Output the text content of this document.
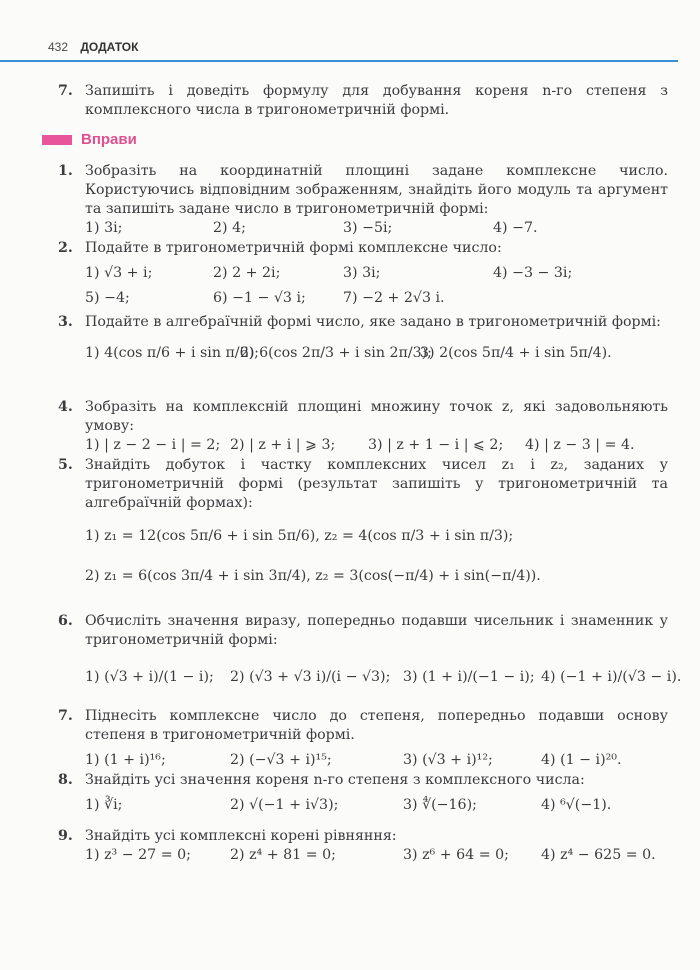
432 ДОДАТОК
7. Запишіть і доведіть формулу для добування кореня n-го степеня з комплексного числа в тригонометричній формі.
Вправи
1. Зобразіть на координатній площині задане комплексне число. Користуючись відповідним зображенням, знайдіть його модуль та аргумент та запишіть задане число в тригонометричній формі:
1) 3i;	2) 4;	3) −5i;	4) −7.
2. Подайте в тригонометричній формі комплексне число:
1) √3 + i;	2) 2 + 2i;	3) 3i;	4) −3 − 3i;
5) −4;	6) −1 − √3 i;	7) −2 + 2√3 i.
3. Подайте в алгебраїчній формі число, яке задано в тригонометричній формі:
1) 4(cos π/6 + i sin π/6);
2) 6(cos 2π/3 + i sin 2π/3);
3) 2(cos 5π/4 + i sin 5π/4).
4. Зобразіть на комплексній площині множину точок z, які задовольняють умову:
1) | z − 2 − i | = 2; 2) | z + i | ⩾ 3; 3) | z + 1 − i | ⩽ 2; 4) | z − 3 | = 4.
5. Знайдіть добуток і частку комплексних чисел z₁ і z₂, заданих у тригонометричній формі (результат запишіть у тригонометричній та алгебраїчній формах):
1) z₁ = 12(cos 5π/6 + i sin 5π/6), z₂ = 4(cos π/3 + i sin π/3);
2) z₁ = 6(cos 3π/4 + i sin 3π/4), z₂ = 3(cos(−π/4) + i sin(−π/4)).
6. Обчисліть значення виразу, попередньо подавши чисельник і знаменник у тригонометричній формі:
1) (√3 + i)/(1 − i); 2) (√3 + √3 i)/(i − √3); 3) (1 + i)/(−1 − i); 4) (−1 + i)/(√3 − i).
7. Піднесіть комплексне число до степеня, попередньо подавши основу степеня в тригонометричній формі.
1) (1 + i)¹⁶;	2) (−√3 + i)¹⁵;	3) (√3 + i)¹²;	4) (1 − i)²⁰.
8. Знайдіть усі значення кореня n-го степеня з комплексного числа:
1) ∛i;	2) √(−1 + i√3);	3) ∜(−16);	4) ⁶√(−1).
9. Знайдіть усі комплексні корені рівняння:
1) z³ − 27 = 0;	2) z⁴ + 81 = 0;	3) z⁶ + 64 = 0; 4) z⁴ − 625 = 0.
